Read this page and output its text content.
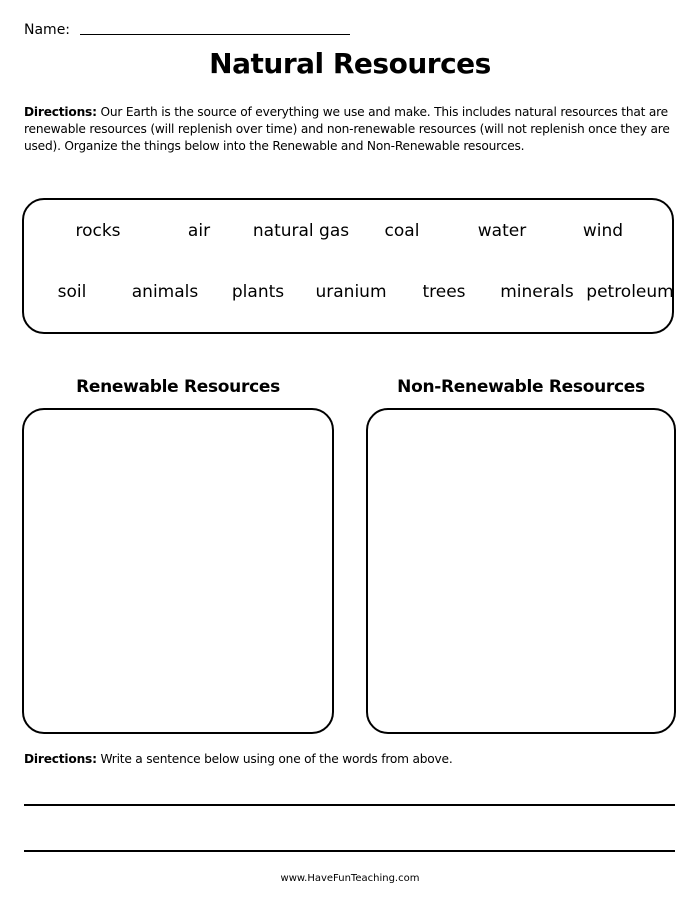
Name:
Natural Resources
Directions: Our Earth is the source of everything we use and make. This includes natural resources that are renewable resources (will replenish over time) and non-renewable resources (will not replenish once they are used). Organize the things below into the Renewable and Non-Renewable resources.
rocks	air	natural gas coal	water	wind
soil	animals plants uranium trees minerals petroleum
Renewable Resources	Non-Renewable Resources
Directions: Write a sentence below using one of the words from above.
www.HaveFunTeaching.com
